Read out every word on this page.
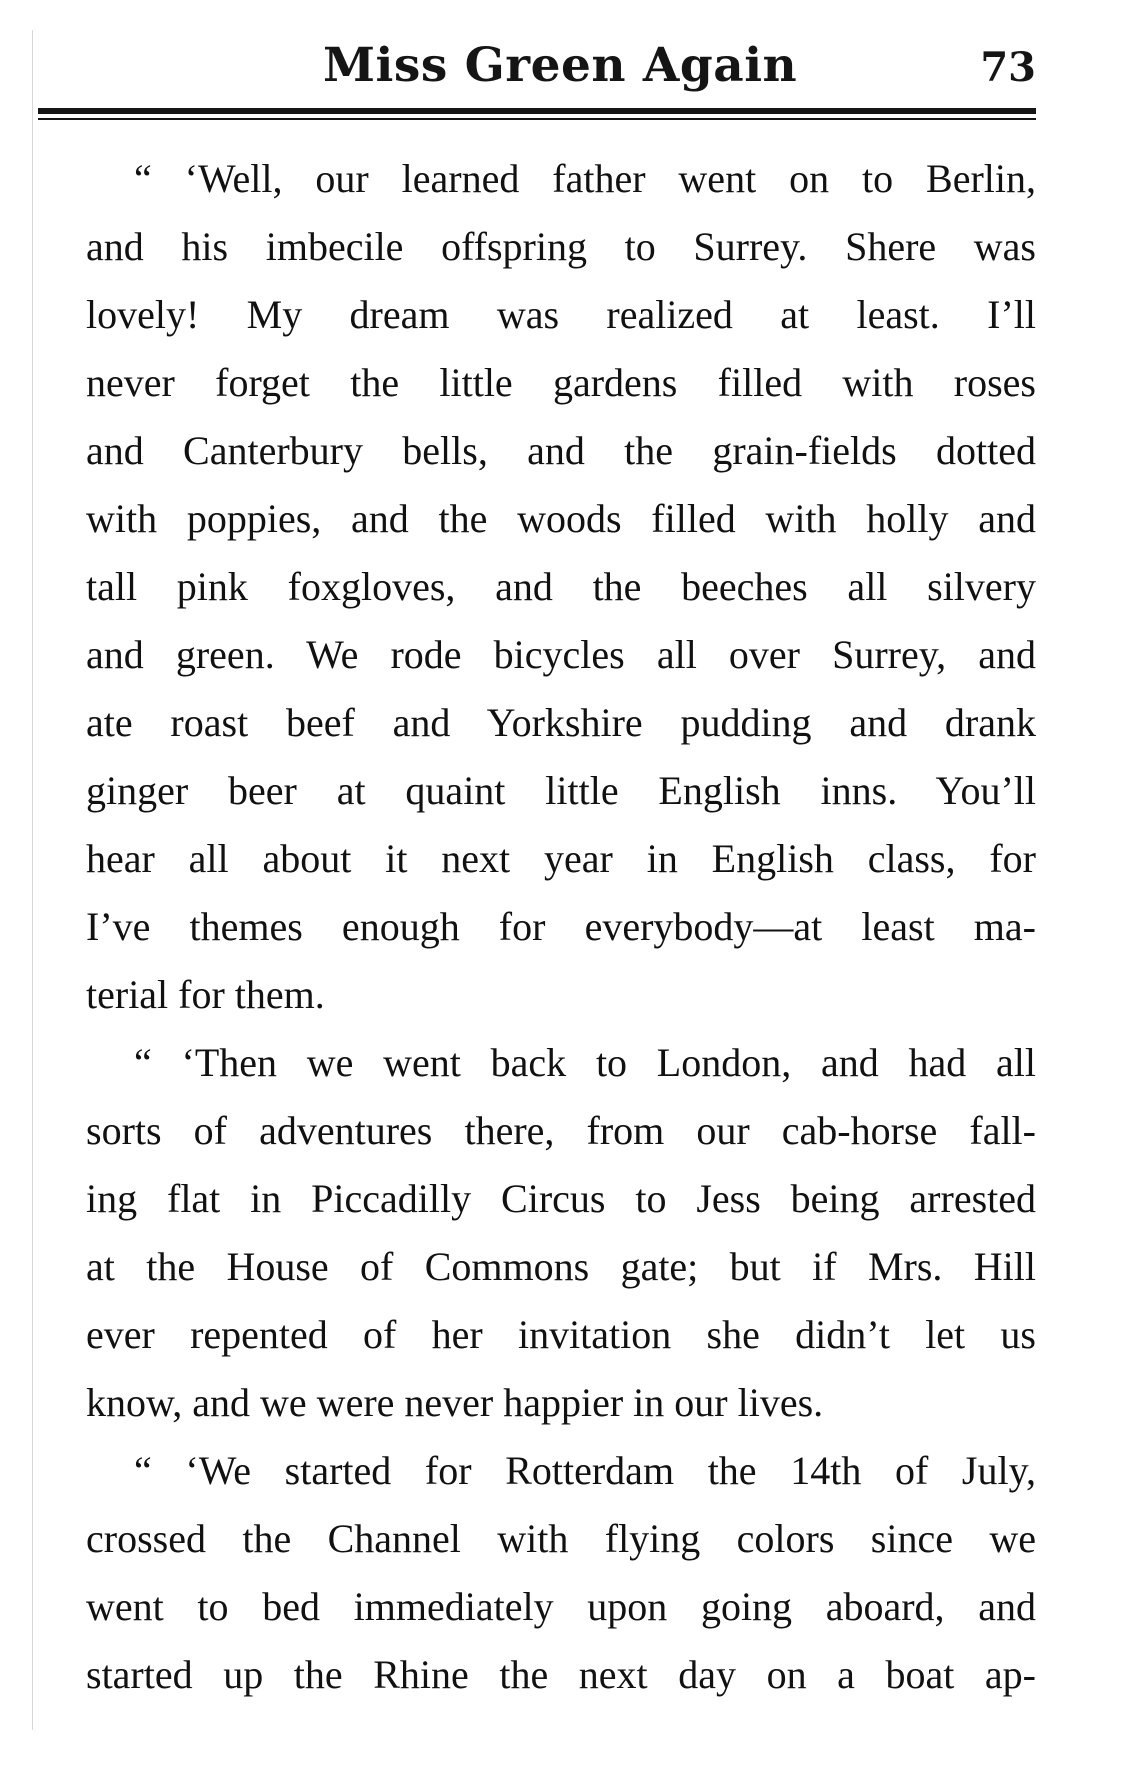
Miss Green Again	73
“ ‘Well, our learned father went on to Berlin,
and his imbecile offspring to Surrey. Shere was
lovely! My dream was realized at least. I’ll
never forget the little gardens filled with roses
and Canterbury bells, and the grain-fields dotted
with poppies, and the woods filled with holly and
tall pink foxgloves, and the beeches all silvery
and green. We rode bicycles all over Surrey, and
ate roast beef and Yorkshire pudding and drank
ginger beer at quaint little English inns. You’ll
hear all about it next year in English class, for
I’ve themes enough for everybody—at least ma-
terial for them.
“ ‘Then we went back to London, and had all
sorts of adventures there, from our cab-horse fall-
ing flat in Piccadilly Circus to Jess being arrested
at the House of Commons gate; but if Mrs. Hill
ever repented of her invitation she didn’t let us
know, and we were never happier in our lives.
“ ‘We started for Rotterdam the 14th of July,
crossed the Channel with flying colors since we
went to bed immediately upon going aboard, and
started up the Rhine the next day on a boat ap-
